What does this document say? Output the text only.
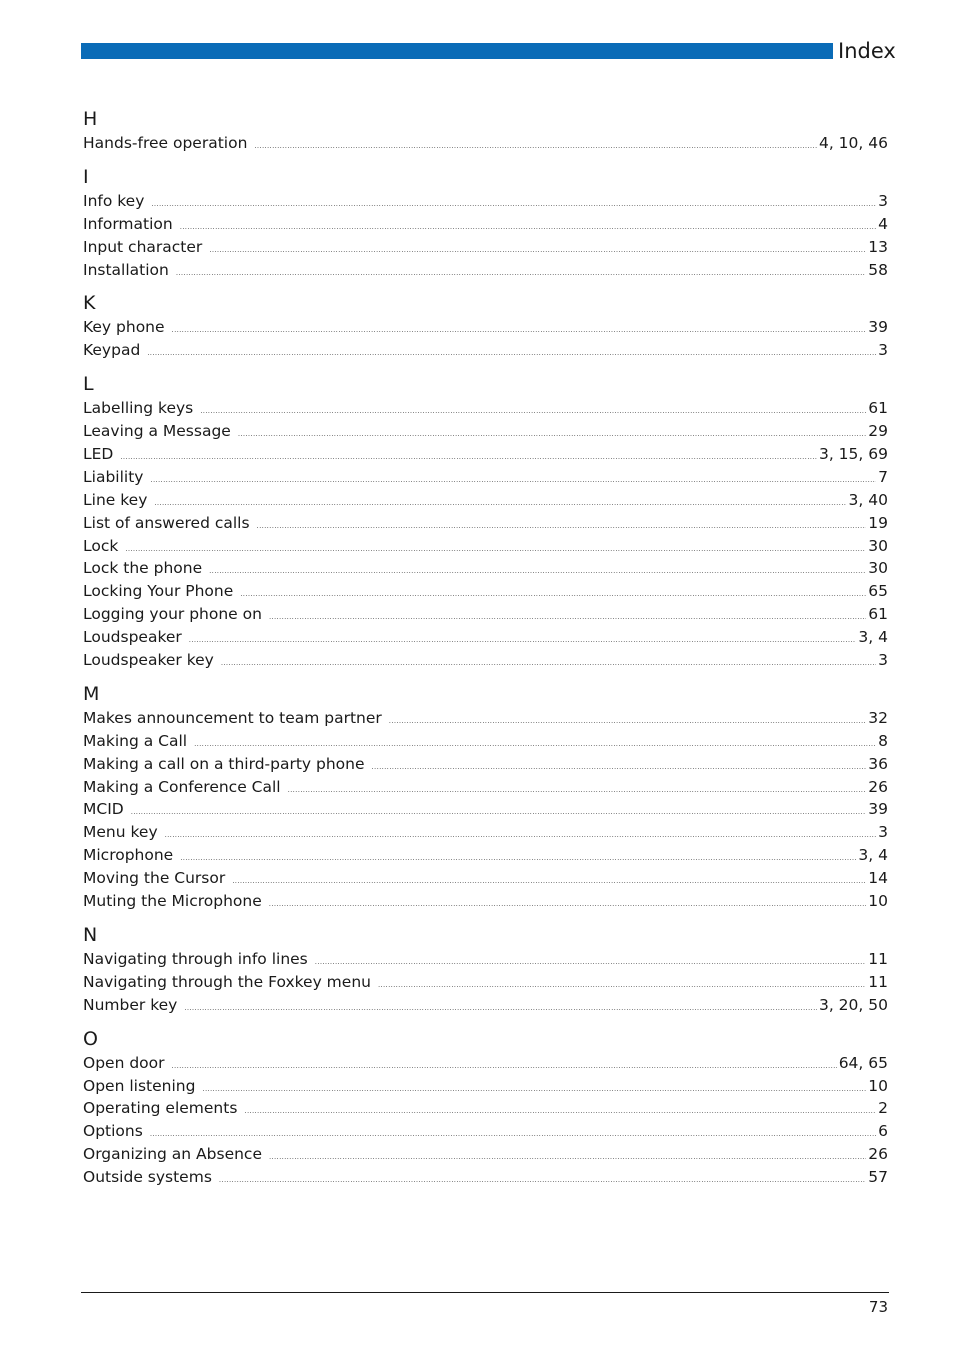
Index
H
Hands-free operation .....	4, 10, 46
I
Info key .....	3
Information .....	4
Input character .....	13
Installation .....	58
K
Key phone .....	39
Keypad .....	3
L
Labelling keys .....	61
Leaving a Message .....	29
LED .....	3, 15, 69
Liability .....	7
Line key .....	3, 40
List of answered calls .....	19
Lock .....	30
Lock the phone .....	30
Locking Your Phone .....	65
Logging your phone on .....	61
Loudspeaker .....	3, 4
Loudspeaker key .....	3
M
Makes announcement to team partner .....	32
Making a Call .....	8
Making a call on a third-party phone .....	36
Making a Conference Call .....	26
MCID .....	39
Menu key .....	3
Microphone .....	3, 4
Moving the Cursor .....	14
Muting the Microphone .....	10
N
Navigating through info lines .....	11
Navigating through the Foxkey menu .....	11
Number key .....	3, 20, 50
O
Open door .....	64, 65
Open listening .....	10
Operating elements .....	2
Options .....	6
Organizing an Absence .....	26
Outside systems .....	57
73
